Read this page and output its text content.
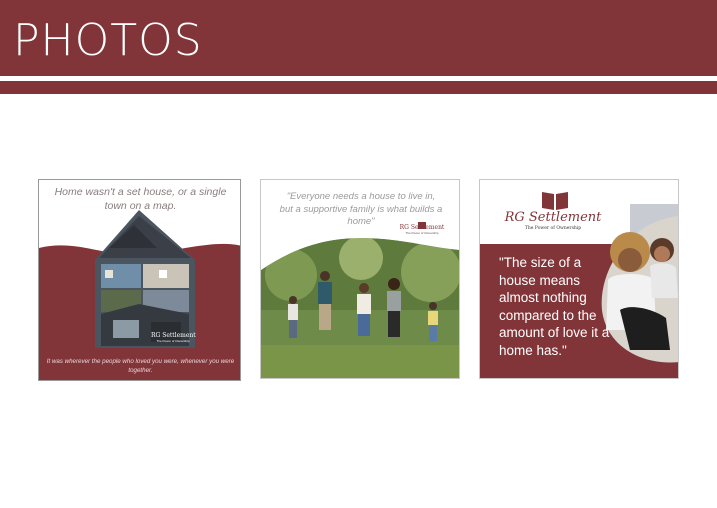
PHOTOS
Home wasn't a set house, or a single town on a map.
RG Settlement
The Power of Ownership
It was wherever the people who loved you were, whenever you were together.
"Everyone needs a house to live in, but a supportive family is what builds a home"
RG Settlement
The Power of Ownership
RG Settlement
The Power of Ownership
"The size of a house means almost nothing compared to the amount of love it a home has."
